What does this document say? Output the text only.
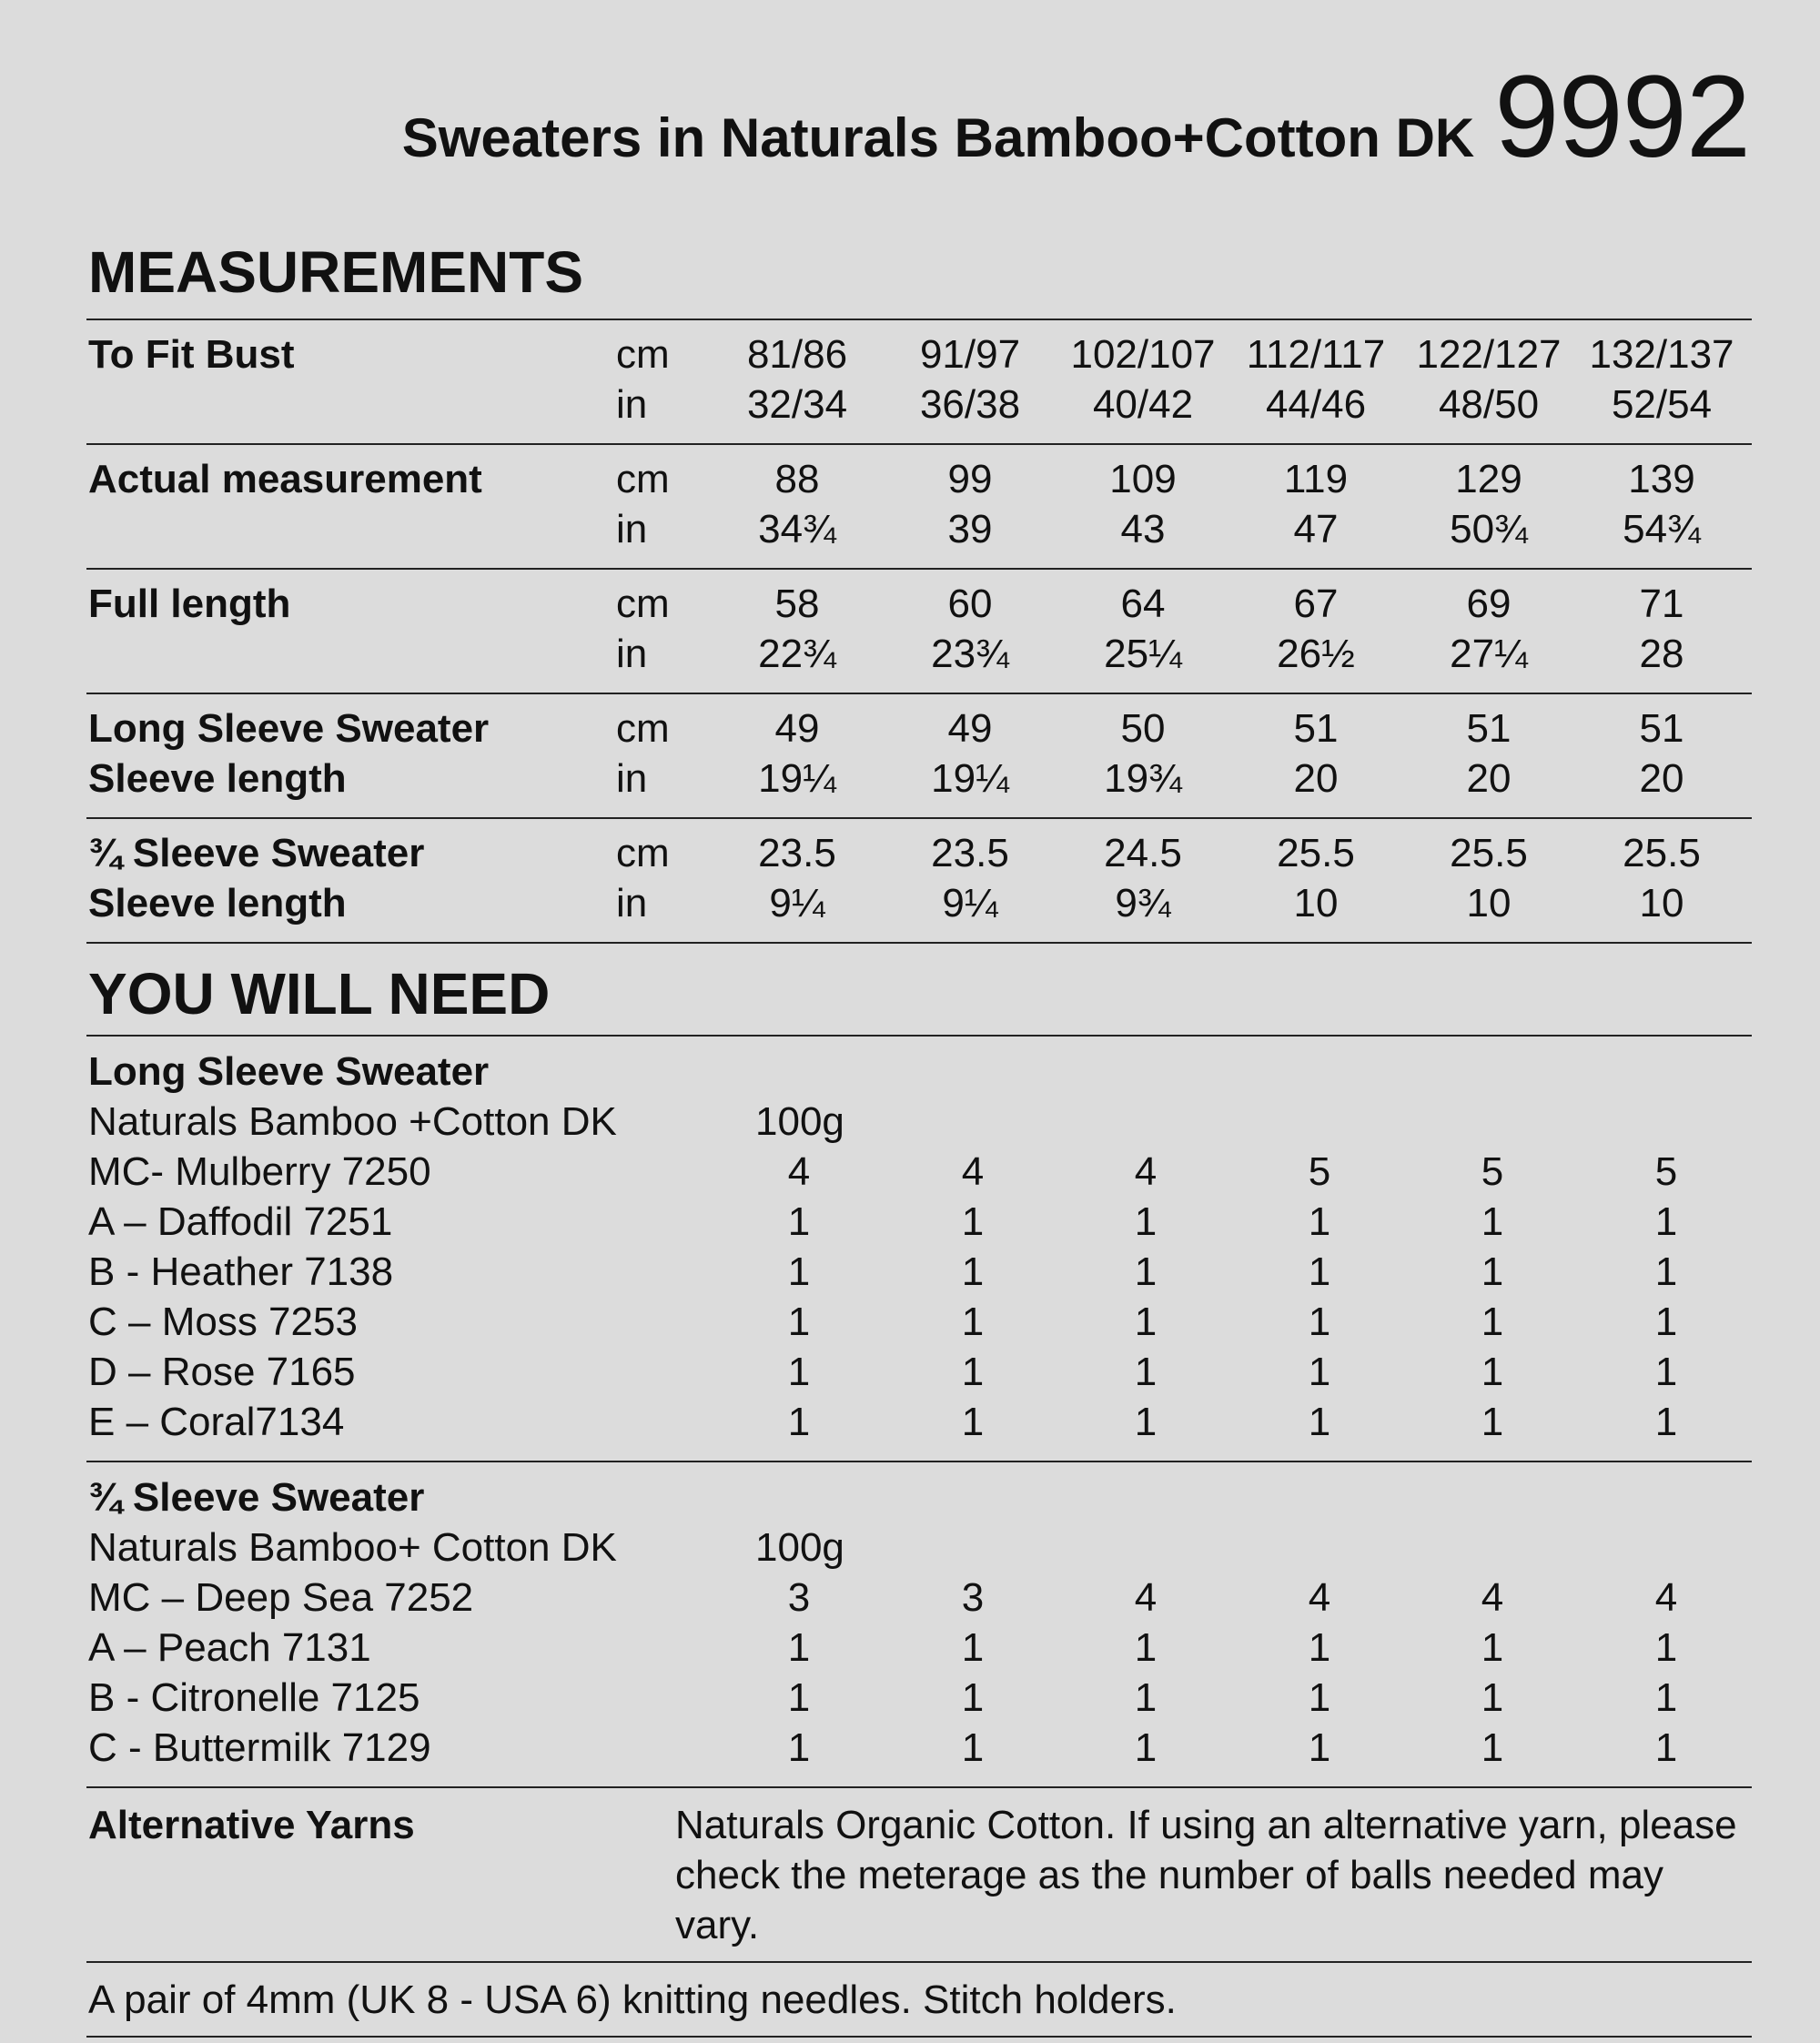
Sweaters in Naturals Bamboo+Cotton DK 9992
MEASUREMENTS
To Fit Bust	cm	81/86	91/97	102/107 112/117 122/127 132/137
in	32/34	36/38	40/42	44/46	48/50	52/54
Actual measurement	cm	88	99	109	119	129	139
in	34¾	39	43	47	50¾	54¾
Full length	cm	58	60	64	67	69	71
in	22¾	23¾	25¼	26½	27¼	28
Long Sleeve Sweater	cm	49	49	50	51	51	51
Sleeve length	in	19¼	19¼	19¾	20	20	20
¾ Sleeve Sweater	cm	23.5	23.5	24.5	25.5	25.5	25.5
Sleeve length	in	9¼	9¼	9¾	10	10	10
YOU WILL NEED
Long Sleeve Sweater
Naturals Bamboo +Cotton DK	100g
MC- Mulberry 7250	4	4	4	5	5	5
A – Daffodil 7251	1	1	1	1	1	1
B - Heather 7138	1	1	1	1	1	1
C – Moss 7253	1	1	1	1	1	1
D – Rose 7165	1	1	1	1	1	1
E – Coral7134	1	1	1	1	1	1
¾ Sleeve Sweater
Naturals Bamboo+ Cotton DK	100g
MC – Deep Sea 7252	3	3	4	4	4	4
A – Peach 7131	1	1	1	1	1	1
B - Citronelle 7125	1	1	1	1	1	1
C - Buttermilk 7129	1	1	1	1	1	1
Alternative Yarns	Naturals Organic Cotton. If using an alternative yarn, please check the meterage as the number of balls needed may vary.
A pair of 4mm (UK 8 - USA 6) knitting needles. Stitch holders.
